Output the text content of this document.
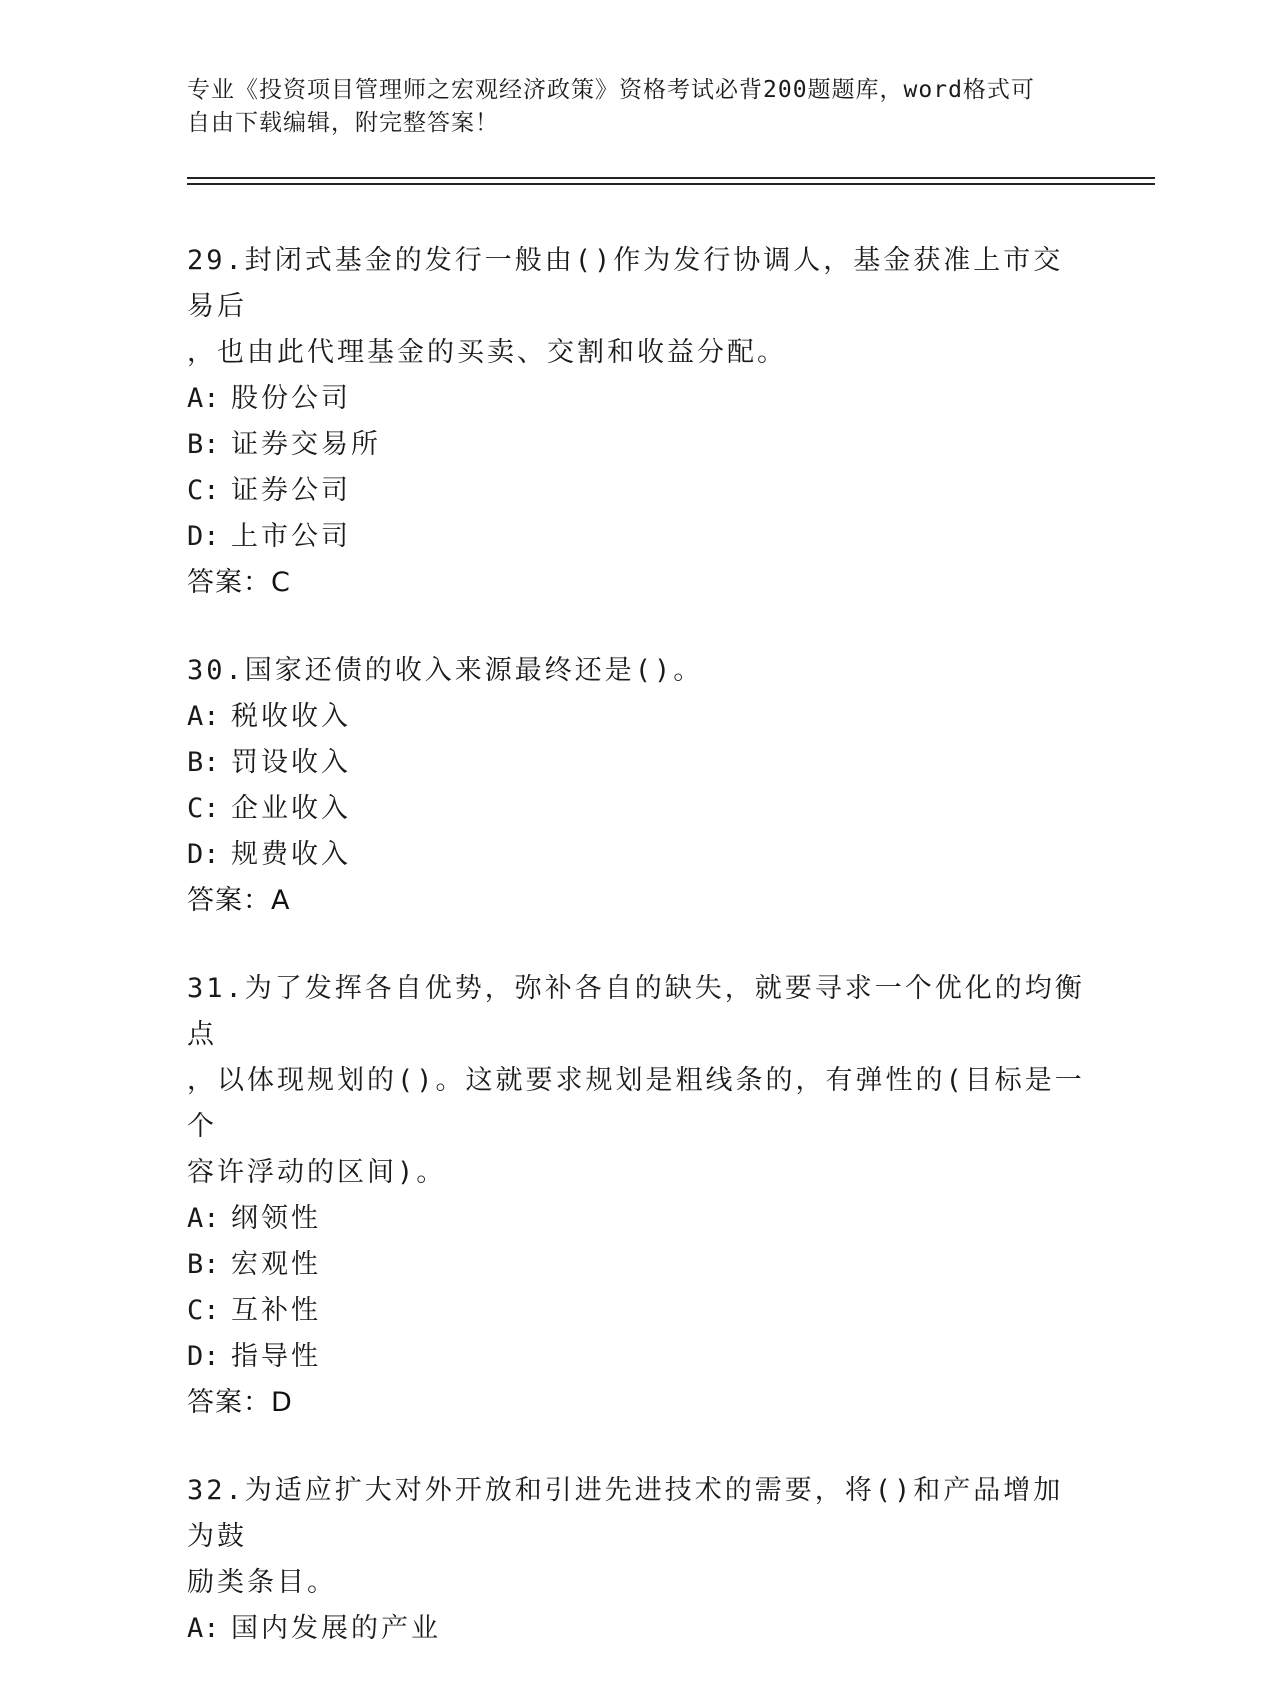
专业《投资项目管理师之宏观经济政策》资格考试必背200题题库，word格式可
自由下载编辑，附完整答案！

29.封闭式基金的发行一般由()作为发行协调人，基金获准上市交易后

，也由此代理基金的买卖、交割和收益分配。

A: 股份公司

B: 证券交易所

C: 证券公司

D: 上市公司

答案：C

30.国家还债的收入来源最终还是()。

A: 税收收入

B: 罚设收入

C: 企业收入

D: 规费收入

答案：A

31.为了发挥各自优势，弥补各自的缺失，就要寻求一个优化的均衡点

，以体现规划的()。这就要求规划是粗线条的，有弹性的(目标是一个

容许浮动的区间)。

A: 纲领性

B: 宏观性

C: 互补性

D: 指导性

答案：D

32.为适应扩大对外开放和引进先进技术的需要，将()和产品增加为鼓

励类条目。

A: 国内发展的产业
